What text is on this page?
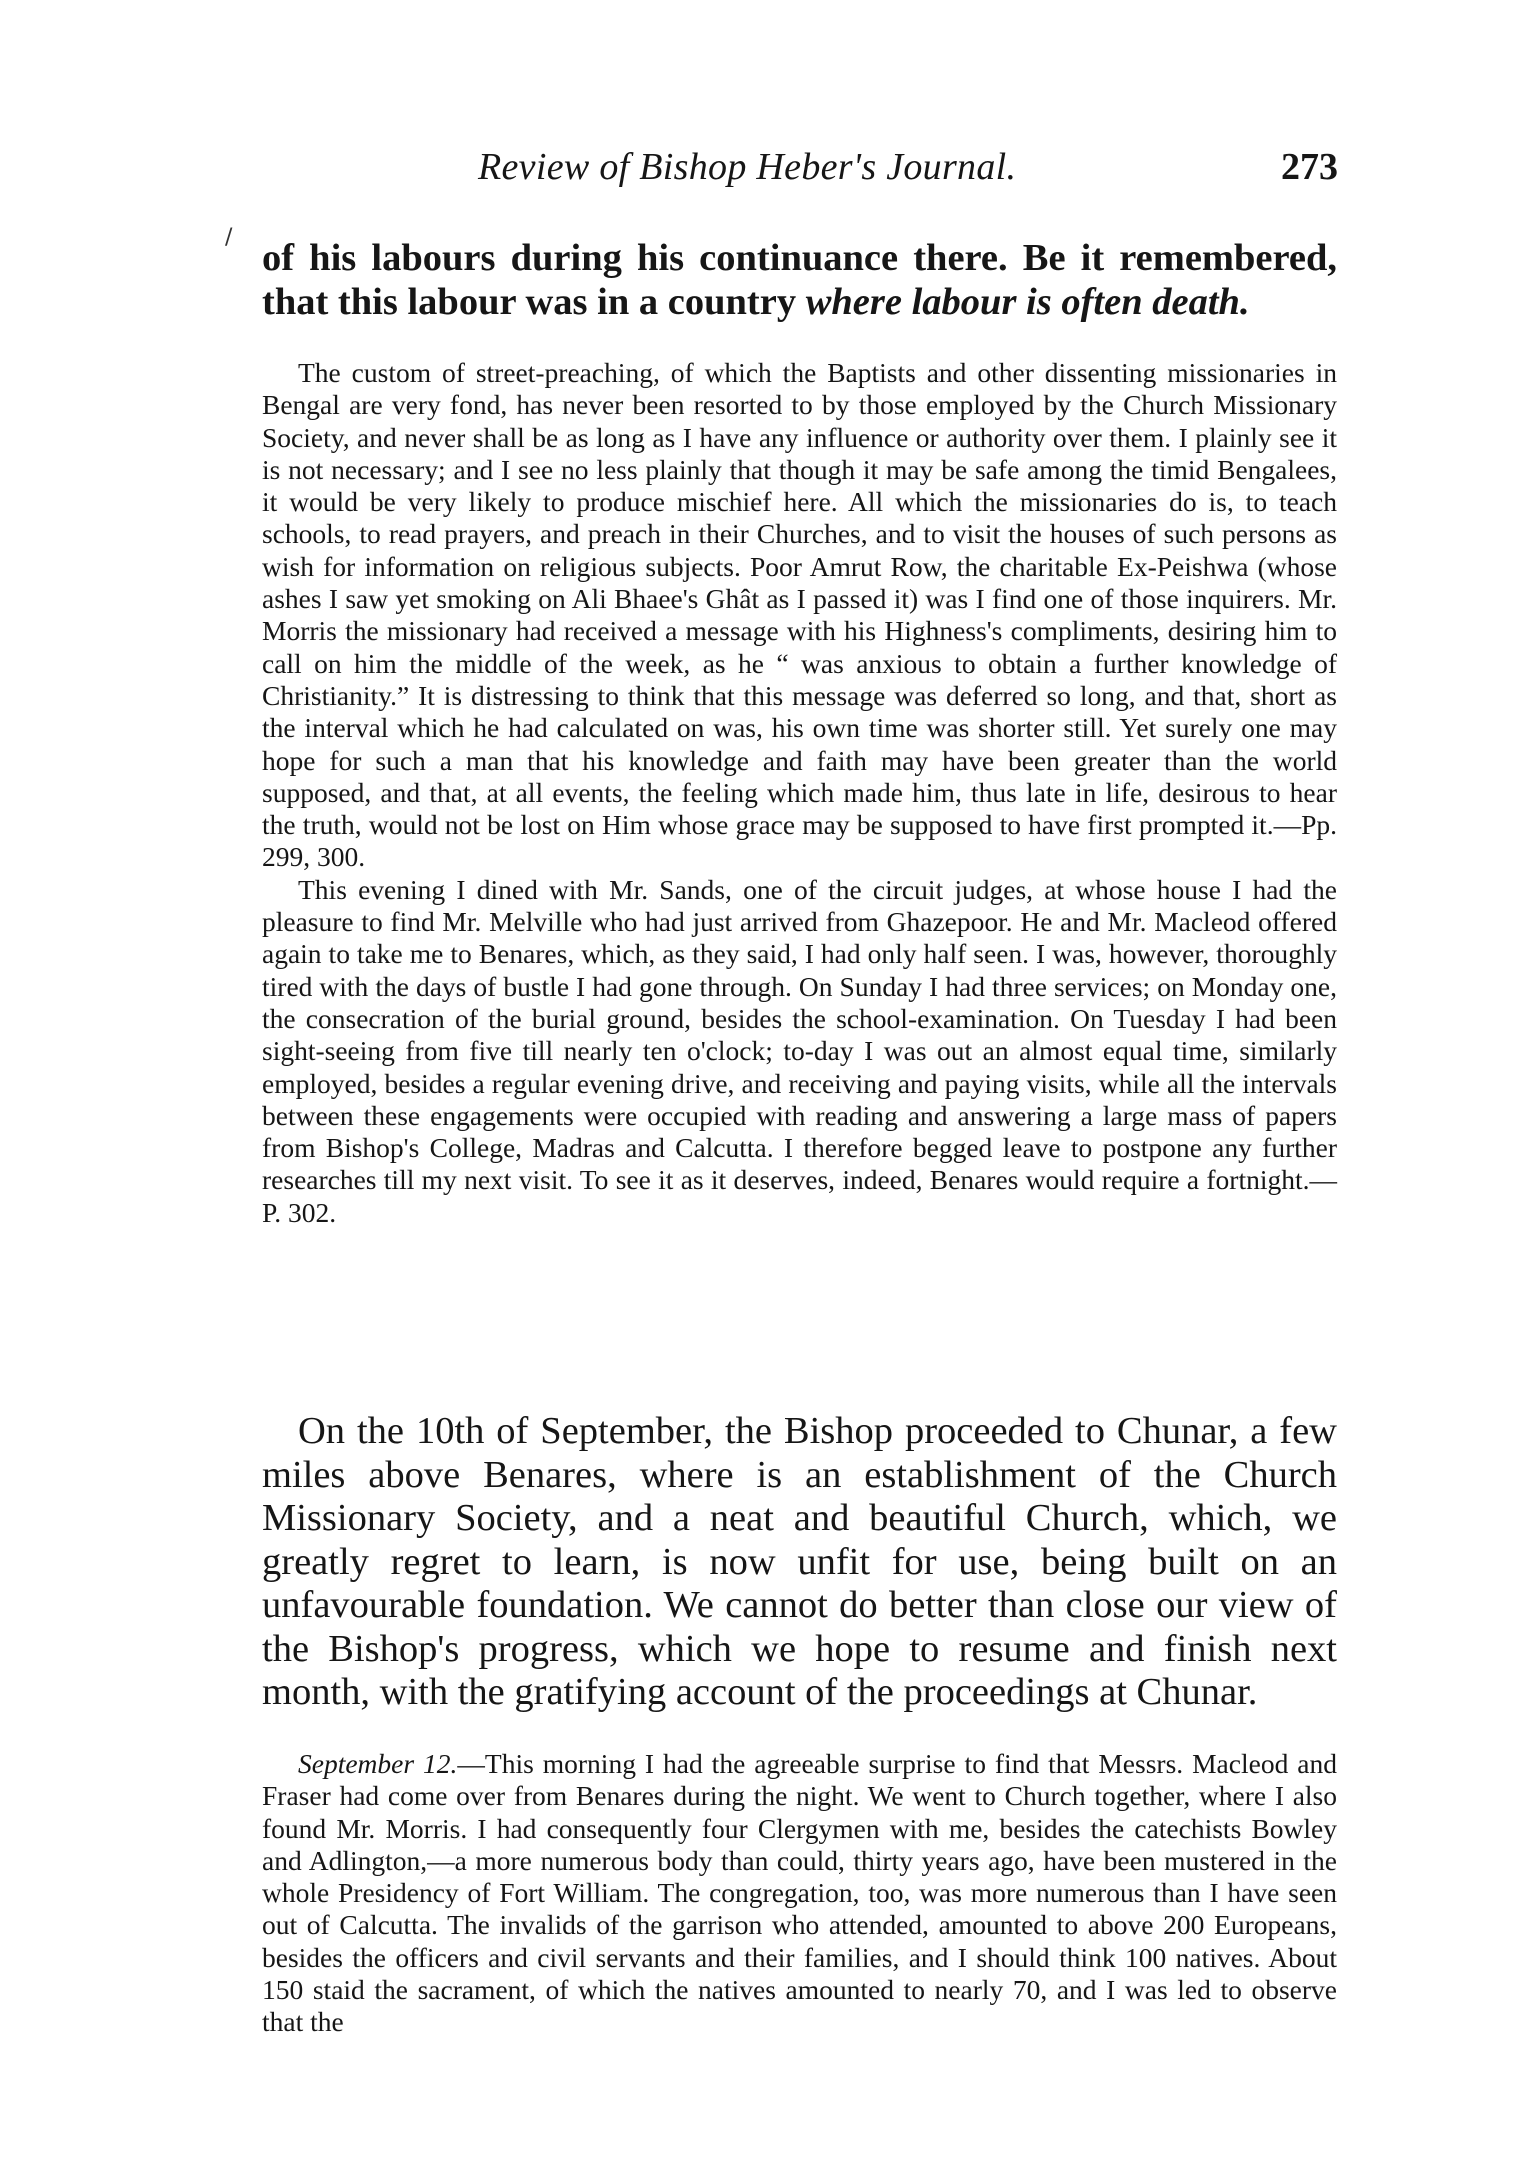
Review of Bishop Heber's Journal.	273
/ of his labours during his continuance there. Be it remembered, that this labour was in a country where labour is often death.

The custom of street-preaching, of which the Baptists and other dissenting missionaries in Bengal are very fond, has never been resorted to by those employed by the Church Missionary Society, and never shall be as long as I have any influence or authority over them. I plainly see it is not necessary; and I see no less plainly that though it may be safe among the timid Bengalees, it would be very likely to produce mischief here. All which the missionaries do is, to teach schools, to read prayers, and preach in their Churches, and to visit the houses of such persons as wish for information on religious subjects. Poor Amrut Row, the charitable Ex-Peishwa (whose ashes I saw yet smoking on Ali Bhaee's Ghât as I passed it) was I find one of those inquirers. Mr. Morris the missionary had received a message with his Highness's compliments, desiring him to call on him the middle of the week, as he “ was anxious to obtain a further knowledge of Christianity.” It is distressing to think that this message was deferred so long, and that, short as the interval which he had calculated on was, his own time was shorter still. Yet surely one may hope for such a man that his knowledge and faith may have been greater than the world supposed, and that, at all events, the feeling which made him, thus late in life, desirous to hear the truth, would not be lost on Him whose grace may be supposed to have first prompted it.—Pp. 299, 300.

This evening I dined with Mr. Sands, one of the circuit judges, at whose house I had the pleasure to find Mr. Melville who had just arrived from Ghazepoor. He and Mr. Macleod offered again to take me to Benares, which, as they said, I had only half seen. I was, however, thoroughly tired with the days of bustle I had gone through. On Sunday I had three services; on Monday one, the consecration of the burial ground, besides the school-examination. On Tuesday I had been sight-seeing from five till nearly ten o'clock; to-day I was out an almost equal time, similarly employed, besides a regular evening drive, and receiving and paying visits, while all the intervals between these engagements were occupied with reading and answering a large mass of papers from Bishop's College, Madras and Calcutta. I therefore begged leave to postpone any further researches till my next visit. To see it as it deserves, indeed, Benares would require a fortnight.—P. 302.

On the 10th of September, the Bishop proceeded to Chunar, a few miles above Benares, where is an establishment of the Church Missionary Society, and a neat and beautiful Church, which, we greatly regret to learn, is now unfit for use, being built on an unfavourable foundation. We cannot do better than close our view of the Bishop's progress, which we hope to resume and finish next month, with the gratifying account of the proceedings at Chunar.

September 12.—This morning I had the agreeable surprise to find that Messrs. Macleod and Fraser had come over from Benares during the night. We went to Church together, where I also found Mr. Morris. I had consequently four Clergymen with me, besides the catechists Bowley and Adlington,—a more numerous body than could, thirty years ago, have been mustered in the whole Presidency of Fort William. The congregation, too, was more numerous than I have seen out of Calcutta. The invalids of the garrison who attended, amounted to above 200 Europeans, besides the officers and civil servants and their families, and I should think 100 natives. About 150 staid the sacrament, of which the natives amounted to nearly 70, and I was led to observe that the
